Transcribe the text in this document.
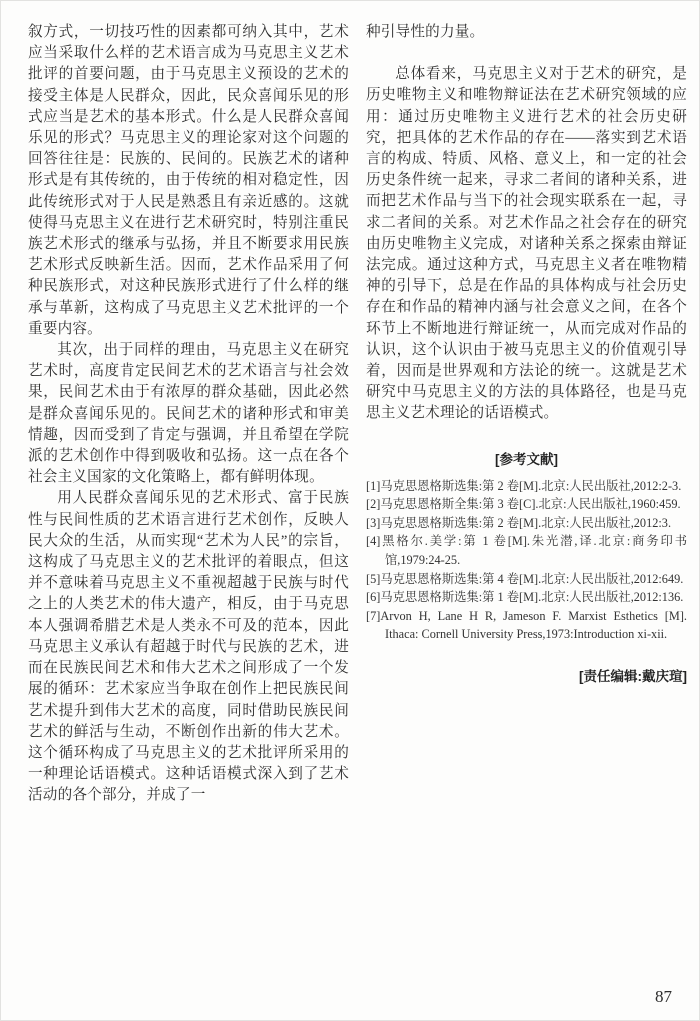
叙方式，一切技巧性的因素都可纳入其中，艺术应当采取什么样的艺术语言成为马克思主义艺术批评的首要问题，由于马克思主义预设的艺术的接受主体是人民群众，因此，民众喜闻乐见的形式应当是艺术的基本形式。什么是人民群众喜闻乐见的形式？马克思主义的理论家对这个问题的回答往往是：民族的、民间的。民族艺术的诸种形式是有其传统的，由于传统的相对稳定性，因此传统形式对于人民是熟悉且有亲近感的。这就使得马克思主义在进行艺术研究时，特别注重民族艺术形式的继承与弘扬，并且不断要求用民族艺术形式反映新生活。因而，艺术作品采用了何种民族形式，对这种民族形式进行了什么样的继承与革新，这构成了马克思主义艺术批评的一个重要内容。

其次，出于同样的理由，马克思主义在研究艺术时，高度肯定民间艺术的艺术语言与社会效果，民间艺术由于有浓厚的群众基础，因此必然是群众喜闻乐见的。民间艺术的诸种形式和审美情趣，因而受到了肯定与强调，并且希望在学院派的艺术创作中得到吸收和弘扬。这一点在各个社会主义国家的文化策略上，都有鲜明体现。

用人民群众喜闻乐见的艺术形式、富于民族性与民间性质的艺术语言进行艺术创作，反映人民大众的生活，从而实现“艺术为人民”的宗旨，这构成了马克思主义的艺术批评的着眼点，但这并不意味着马克思主义不重视超越于民族与时代之上的人类艺术的伟大遗产，相反，由于马克思本人强调希腊艺术是人类永不可及的范本，因此马克思主义承认有超越于时代与民族的艺术，进而在民族民间艺术和伟大艺术之间形成了一个发展的循环：艺术家应当争取在创作上把民族民间艺术提升到伟大艺术的高度，同时借助民族民间艺术的鲜活与生动，不断创作出新的伟大艺术。这个循环构成了马克思主义的艺术批评所采用的一种理论话语模式。这种话语模式深入到了艺术活动的各个部分，并成了一

种引导性的力量。

总体看来，马克思主义对于艺术的研究，是历史唯物主义和唯物辩证法在艺术研究领域的应用：通过历史唯物主义进行艺术的社会历史研究，把具体的艺术作品的存在——落实到艺术语言的构成、特质、风格、意义上，和一定的社会历史条件统一起来，寻求二者间的诸种关系，进而把艺术作品与当下的社会现实联系在一起，寻求二者间的关系。对艺术作品之社会存在的研究由历史唯物主义完成，对诸种关系之探索由辩证法完成。通过这种方式，马克思主义者在唯物精神的引导下，总是在作品的具体构成与社会历史存在和作品的精神内涵与社会意义之间，在各个环节上不断地进行辩证统一，从而完成对作品的认识，这个认识由于被马克思主义的价值观引导着，因而是世界观和方法论的统一。这就是艺术研究中马克思主义的方法的具体路径，也是马克思主义艺术理论的话语模式。

[参考文献]

[1]马克思恩格斯选集:第 2 卷[M].北京:人民出版社,2012:2-3.

[2]马克思恩格斯全集:第 3 卷[C].北京:人民出版社,1960:459.

[3]马克思恩格斯选集:第 2 卷[M].北京:人民出版社,2012:3.

[4]黑格尔.美学:第 1 卷[M].朱光潜,译.北京:商务印书馆,1979:24-25.

[5]马克思恩格斯选集:第 4 卷[M].北京:人民出版社,2012:649.

[6]马克思恩格斯选集:第 1 卷[M].北京:人民出版社,2012:136.

[7]Arvon H, Lane H R, Jameson F. Marxist Esthetics [M]. Ithaca: Cornell University Press,1973:Introduction xi-xii.

[责任编辑:戴庆瑄]
87
